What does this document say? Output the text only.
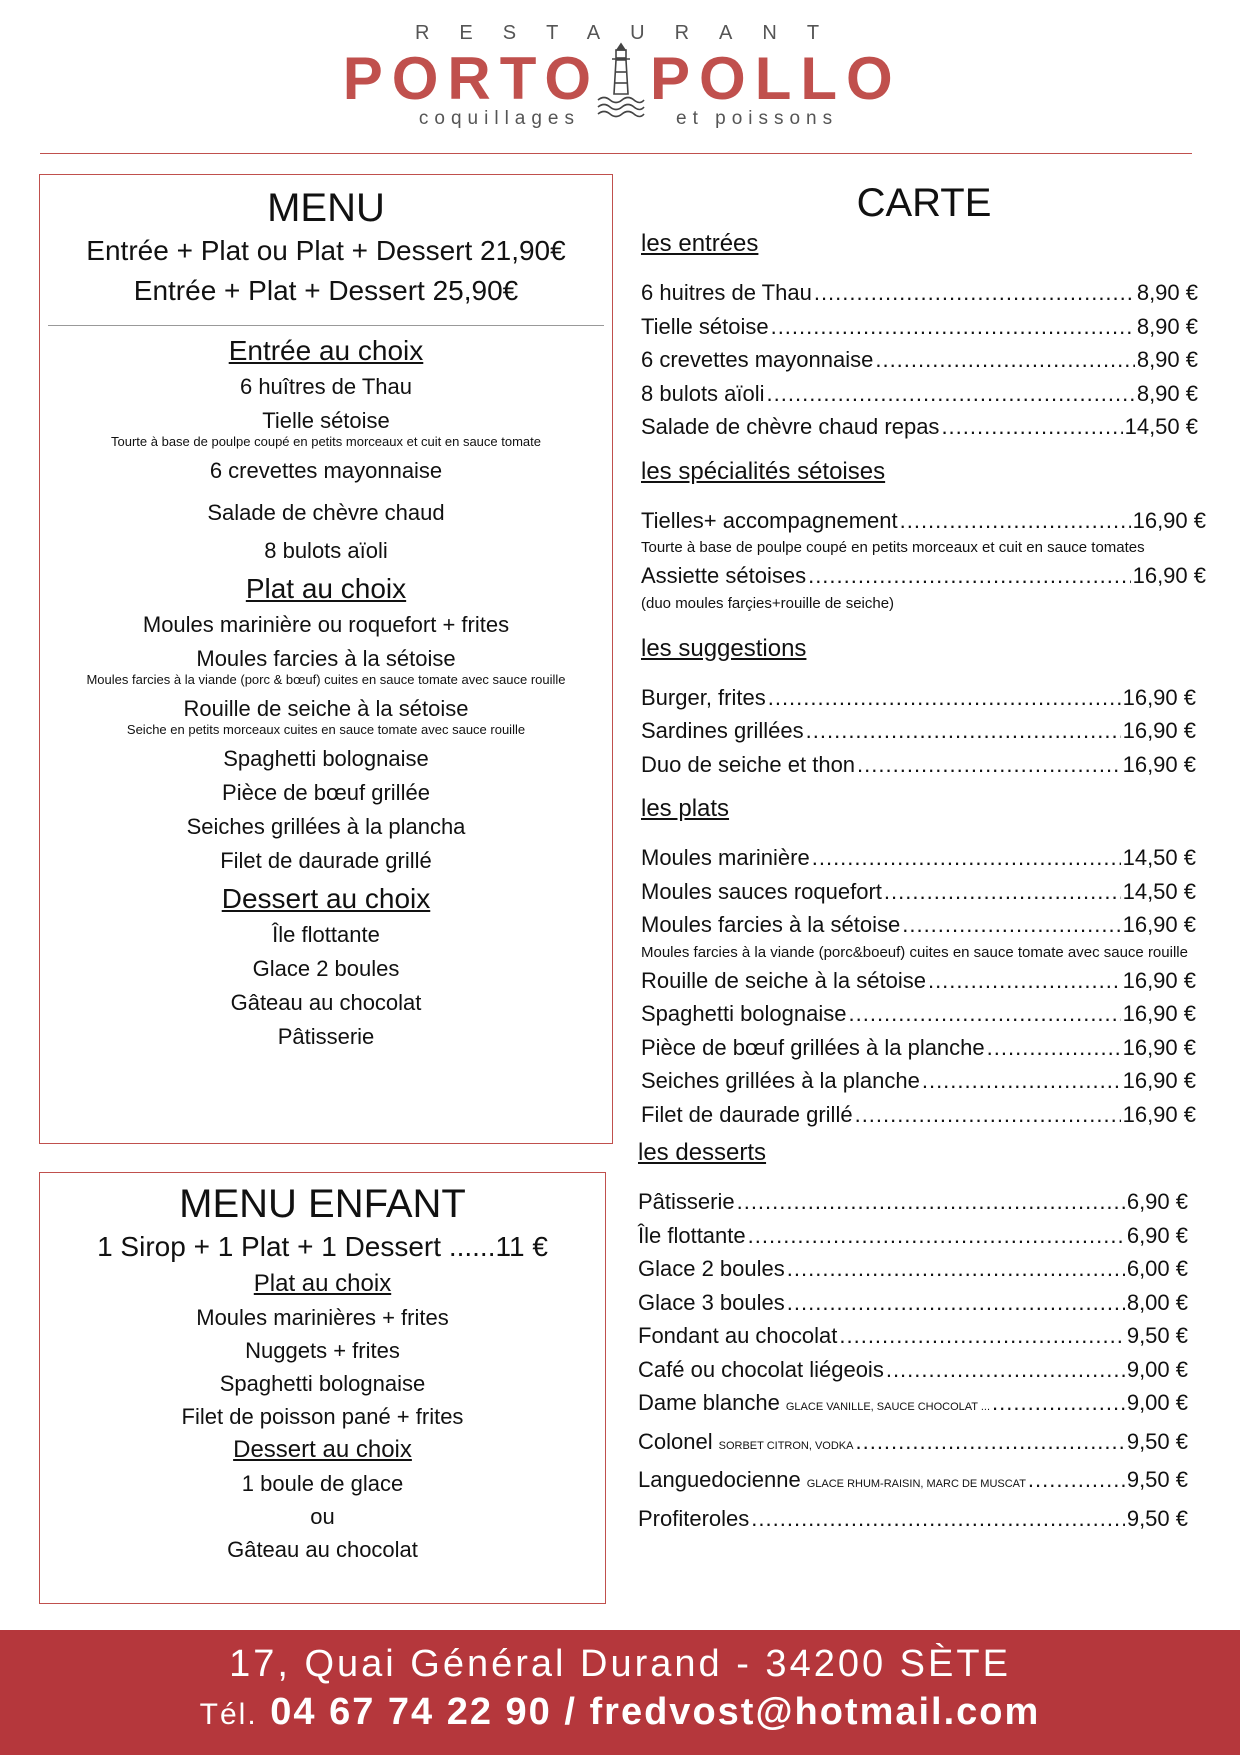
RESTAURANT
PORTO POLLO
coquillages	et poissons
MENU
Entrée + Plat ou Plat + Dessert 21,90€
Entrée + Plat + Dessert 25,90€
Entrée au choix
6 huîtres de Thau
Tielle sétoise
Tourte à base de poulpe coupé en petits morceaux et cuit en sauce tomate
6 crevettes mayonnaise
Salade de chèvre chaud
8 bulots aïoli
Plat au choix
Moules marinière ou roquefort + frites
Moules farcies à la sétoise
Moules farcies à la viande (porc & bœuf) cuites en sauce tomate avec sauce rouille
Rouille de seiche à la sétoise
Seiche en petits morceaux cuites en sauce tomate avec sauce rouille
Spaghetti bolognaise
Pièce de bœuf grillée
Seiches grillées à la plancha
Filet de daurade grillé
Dessert au choix
Île flottante
Glace 2 boules
Gâteau au chocolat
Pâtisserie
MENU ENFANT
1 Sirop + 1 Plat + 1 Dessert ......11 €
Plat au choix
Moules marinières + frites
Nuggets + frites
Spaghetti bolognaise
Filet de poisson pané + frites
Dessert au choix
1 boule de glace
ou
Gâteau au chocolat
CARTE
les entrées
6 huitres de Thau .....	8,90 €
Tielle sétoise .....	8,90 €
6 crevettes mayonnaise .....	8,90 €
8 bulots aïoli .....	8,90 €
Salade de chèvre chaud repas .....	14,50 €
les spécialités sétoises
Tielles+ accompagnement .....	16,90 €
Tourte à base de poulpe coupé en petits morceaux et cuit en sauce tomates
Assiette sétoises .....	16,90 €
(duo moules farçies+rouille de seiche)
les suggestions
Burger, frites .....	16,90 €
Sardines grillées .....	16,90 €
Duo de seiche et thon .....	16,90 €
les plats
Moules marinière .....	14,50 €
Moules sauces roquefort .....	14,50 €
Moules farcies à la sétoise .....	16,90 €
Moules farcies à la viande (porc&boeuf) cuites en sauce tomate avec sauce rouille
Rouille de seiche à la sétoise .....	16,90 €
Spaghetti bolognaise .....	16,90 €
Pièce de bœuf grillées à la planche .....	16,90 €
Seiches grillées à la planche .....	16,90 €
Filet de daurade grillé .....	16,90 €
les desserts
Pâtisserie .....	6,90 €
Île flottante .....	6,90 €
Glace 2 boules .....	6,00 €
Glace 3 boules .....	8,00 €
Fondant au chocolat .....	9,50 €
Café ou chocolat liégeois .....	9,00 €
Dame blanche GLACE VANILLE, SAUCE CHOCOLAT ... .....	9,00 €
Colonel SORBET CITRON, VODKA .....	9,50 €
Languedocienne GLACE RHUM-RAISIN, MARC DE MUSCAT .....	9,50 €
Profiteroles .....	9,50 €
17, Quai Général Durand - 34200 SÈTE
Tél. 04 67 74 22 90 / fredvost@hotmail.com
